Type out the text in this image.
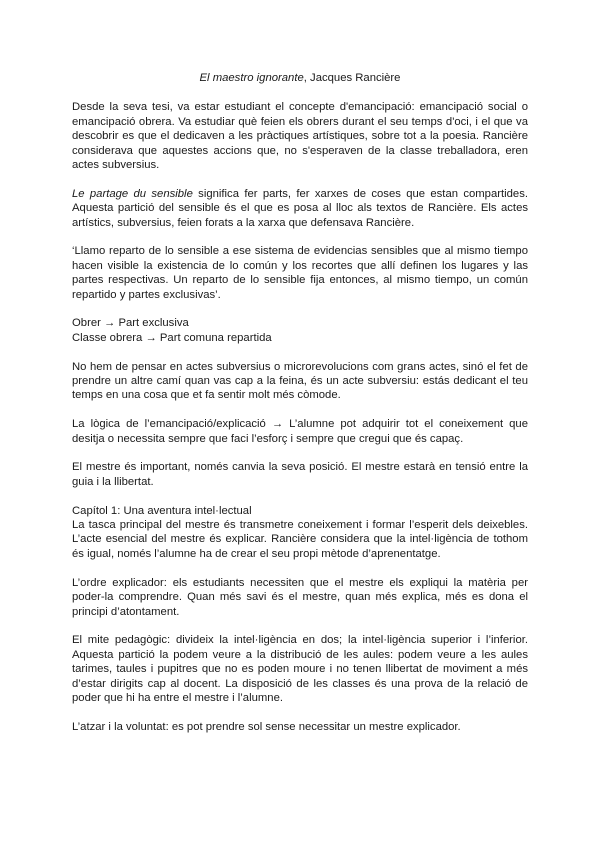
El maestro ignorante, Jacques Rancière

Desde la seva tesi, va estar estudiant el concepte d'emancipació: emancipació social o emancipació obrera. Va estudiar què feien els obrers durant el seu temps d'oci, i el que va descobrir es que el dedicaven a les pràctiques artístiques, sobre tot a la poesia. Rancière considerava que aquestes accions que, no s'esperaven de la classe treballadora, eren actes subversius.

Le partage du sensible significa fer parts, fer xarxes de coses que estan compartides. Aquesta partició del sensible és el que es posa al lloc als textos de Rancière. Els actes artístics, subversius, feien forats a la xarxa que defensava Rancière.

‘Llamo reparto de lo sensible a ese sistema de evidencias sensibles que al mismo tiempo hacen visible la existencia de lo común y los recortes que allí definen los lugares y las partes respectivas. Un reparto de lo sensible fija entonces, al mismo tiempo, un común repartido y partes exclusivas’.

Obrer → Part exclusiva
Classe obrera → Part comuna repartida

No hem de pensar en actes subversius o microrevolucions com grans actes, sinó el fet de prendre un altre camí quan vas cap a la feina, és un acte subversiu: estás dedicant el teu temps en una cosa que et fa sentir molt més còmode.

La lògica de l’emancipació/explicació → L’alumne pot adquirir tot el coneixement que desitja o necessita sempre que faci l’esforç i sempre que cregui que és capaç.

El mestre és important, només canvia la seva posició. El mestre estarà en tensió entre la guia i la llibertat.

Capítol 1: Una aventura intel·lectual

La tasca principal del mestre és transmetre coneixement i formar l’esperit dels deixebles. L’acte esencial del mestre és explicar. Rancière considera que la intel·ligència de tothom és igual, només l’alumne ha de crear el seu propi mètode d’aprenentatge.

L’ordre explicador: els estudiants necessiten que el mestre els expliqui la matèria per poder-la comprendre. Quan més savi és el mestre, quan més explica, més es dona el principi d’atontament.

El mite pedagògic: divideix la intel·ligència en dos; la intel·ligència superior i l’inferior. Aquesta partició la podem veure a la distribució de les aules: podem veure a les aules tarimes, taules i pupitres que no es poden moure i no tenen llibertat de moviment a més d’estar dirigits cap al docent. La disposició de les classes és una prova de la relació de poder que hi ha entre el mestre i l’alumne.

L’atzar i la voluntat: es pot prendre sol sense necessitar un mestre explicador.
